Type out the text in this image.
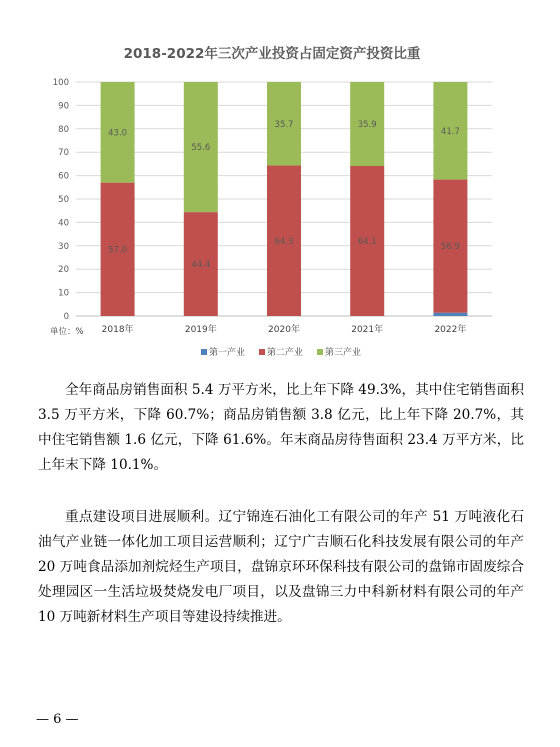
2018-2022年三次产业投资占固定资产投资比重
0
10
20
30
40
50
60
70
80
90
100
57.0
43.0
44.4
55.6
64.3
35.7
64.1
35.9
56.9
41.7
2018年	2019年	2020年	2021年	2022年
单位：%
第一产业 第二产业 第三产业

全年商品房销售面积 5.4 万平方米，比上年下降 49.3%，其中住宅销售面积 3.5 万平方米，下降 60.7%；商品房销售额 3.8 亿元，比上年下降 20.7%，其中住宅销售额 1.6 亿元，下降 61.6%。年末商品房待售面积 23.4 万平方米，比上年末下降 10.1%。

重点建设项目进展顺利。辽宁锦连石油化工有限公司的年产 51 万吨液化石油气产业链一体化加工项目运营顺利；辽宁广吉顺石化科技发展有限公司的年产 20 万吨食品添加剂烷烃生产项目，盘锦京环环保科技有限公司的盘锦市固废综合处理园区一生活垃圾焚烧发电厂项目，以及盘锦三力中科新材料有限公司的年产 10 万吨新材料生产项目等建设持续推进。

— 6 —
